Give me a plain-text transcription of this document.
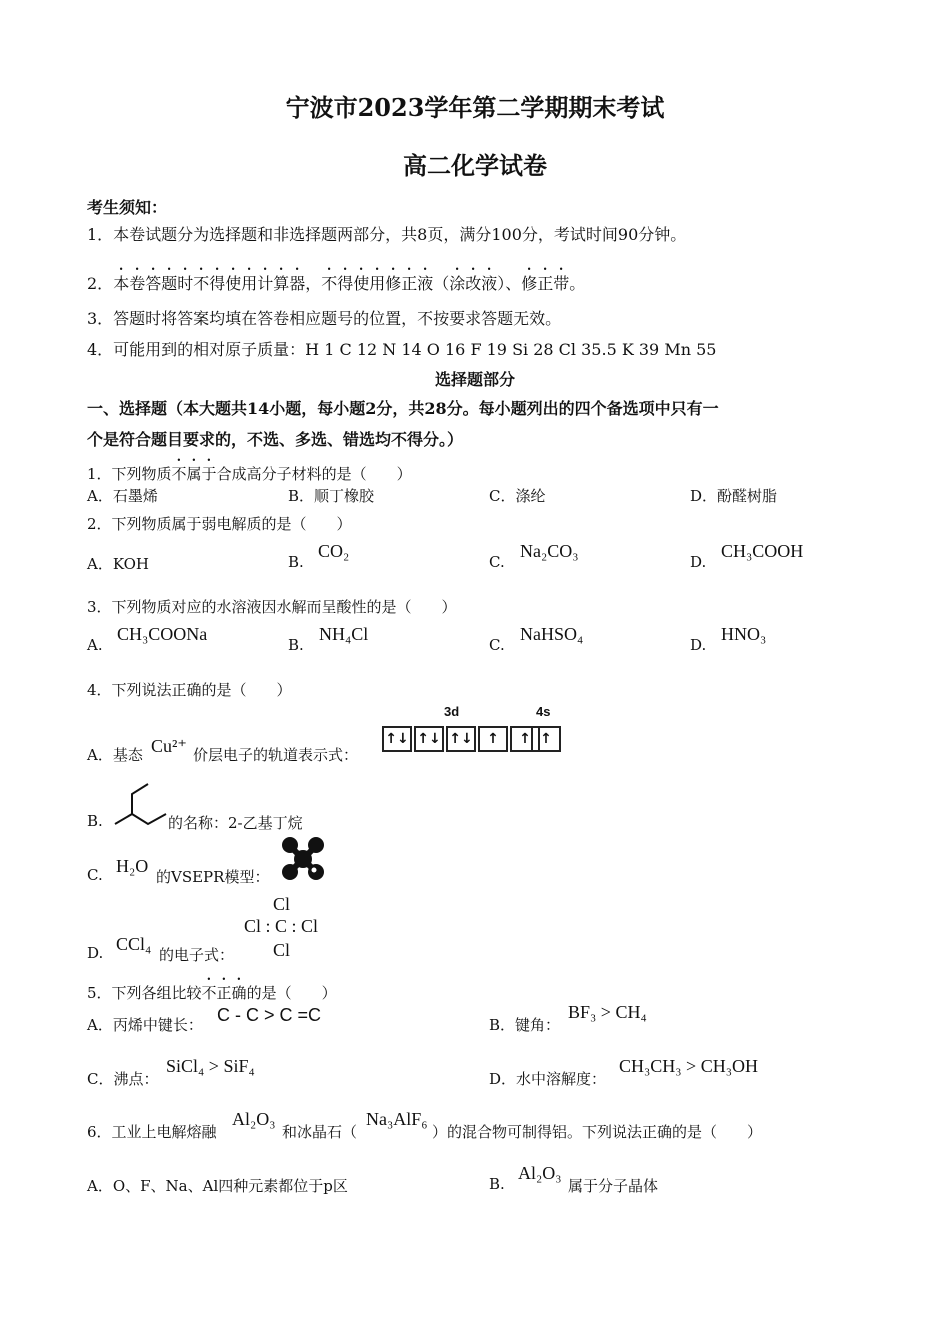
宁波市2023学年第二学期期末考试
高二化学试卷
考生须知：
1．本卷试题分为选择题和非选择题两部分，共8页，满分100分，考试时间90分钟。
2．本卷答题时不得使用计算器，不得使用修正液（涂改液）、修正带。
3．答题时将答案均填在答卷相应题号的位置，不按要求答题无效。
4．可能用到的相对原子质量：H 1 C 12 N 14 O 16 F 19 Si 28 Cl 35.5 K 39 Mn 55
选择题部分
一、选择题（本大题共14小题，每小题2分，共28分。每小题列出的四个备选项中只有一
个是符合题目要求的，不选、多选、错选均不得分。）
1．下列物质不属于合成高分子材料的是（　　）
A．石墨烯	B．顺丁橡胶	C．涤纶	D．酚醛树脂
2．下列物质属于弱电解质的是（　　）
A．KOH	B.
CO₂
C.
Na₂CO₃
D.
CH₃COOH
3．下列物质对应的水溶液因水解而呈酸性的是（　　）
A.
CH₃COONa
B.
NH₄Cl
C.
NaHSO₄
D.
HNO₃
4．下列说法正确的是（　　）
A．基态 Cu²⁺ 价层电子的轨道表示式：
3d	4s
↑↓ ↑↓ ↑↓ ↑ ↑ ↑
B.	的名称：2-乙基丁烷
C. H₂O
的VSEPR模型：
D. CCl₄
的电子式：
Cl
Cl : C : Cl
Cl
5．下列各组比较不正确的是（　　）
A．丙烯中键长： C - C > C =C	B．键角：
BF₃ > CH₄
C．沸点：
SiCl₄ > SiF₄
D．水中溶解度：
CH₃CH₃ > CH₃OH
6．工业上电解熔融
Al₂O₃
和冰晶石（
Na₃AlF₆
）的混合物可制得铝。下列说法正确的是（　　）
A．O、F、Na、Al四种元素都位于p区	B.
Al₂O₃
属于分子晶体
